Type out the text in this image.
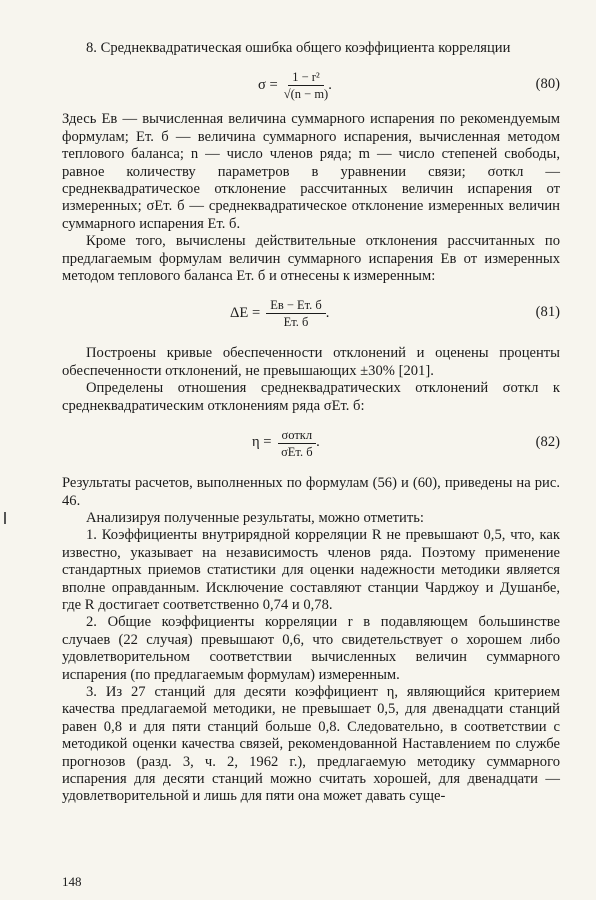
8. Среднеквадратическая ошибка общего коэффициента корреляции

$\sigma = \frac{\text{1 − r²}}{√(n - m)}$ .	(80)

Здесь Eв — вычисленная величина суммарного испарения по рекомендуемым формулам; Eт. б — величина суммарного испарения, вычисленная методом теплового баланса; n — число членов ряда; m — число степеней свободы, равное количеству параметров в уравнении связи; σоткл — среднеквадратическое отклонение рассчитанных величин испарения от измеренных; σEт. б — среднеквадратическое отклонение измеренных величин суммарного испарения Eт. б.

Кроме того, вычислены действительные отклонения рассчитанных по предлагаемым формулам величин суммарного испарения Eв от измеренных методом теплового баланса Eт. б и отнесены к измеренным:

$\Delta E = \frac{Eв - Eт. б}{Eт. б}$ .	(81)

Построены кривые обеспеченности отклонений и оценены проценты обеспеченности отклонений, не превышающих ±30% [201].

Определены отношения среднеквадратических отклонений σоткл к среднеквадратическим отклонениям ряда σEт. б:

$\eta = \frac{\text{σоткл}}{\text{σEт. б}}$ .	(82)

Результаты расчетов, выполненных по формулам (56) и (60), приведены на рис. 46.

Анализируя полученные результаты, можно отметить:

1. Коэффициенты внутрирядной корреляции R не превышают 0,5, что, как известно, указывает на независимость членов ряда. Поэтому применение стандартных приемов статистики для оценки надежности методики является вполне оправданным. Исключение составляют станции Чарджоу и Душанбе, где R достигает соответственно 0,74 и 0,78.

2. Общие коэффициенты корреляции r в подавляющем большинстве случаев (22 случая) превышают 0,6, что свидетельствует о хорошем либо удовлетворительном соответствии вычисленных величин суммарного испарения (по предлагаемым формулам) измеренным.

3. Из 27 станций для десяти коэффициент η, являющийся критерием качества предлагаемой методики, не превышает 0,5, для двенадцати станций равен 0,8 и для пяти станций больше 0,8. Следовательно, в соответствии с методикой оценки качества связей, рекомендованной Наставлением по службе прогнозов (разд. 3, ч. 2, 1962 г.), предлагаемую методику суммарного испарения для десяти станций можно считать хорошей, для двенадцати — удовлетворительной и лишь для пяти она может давать суще-

148
